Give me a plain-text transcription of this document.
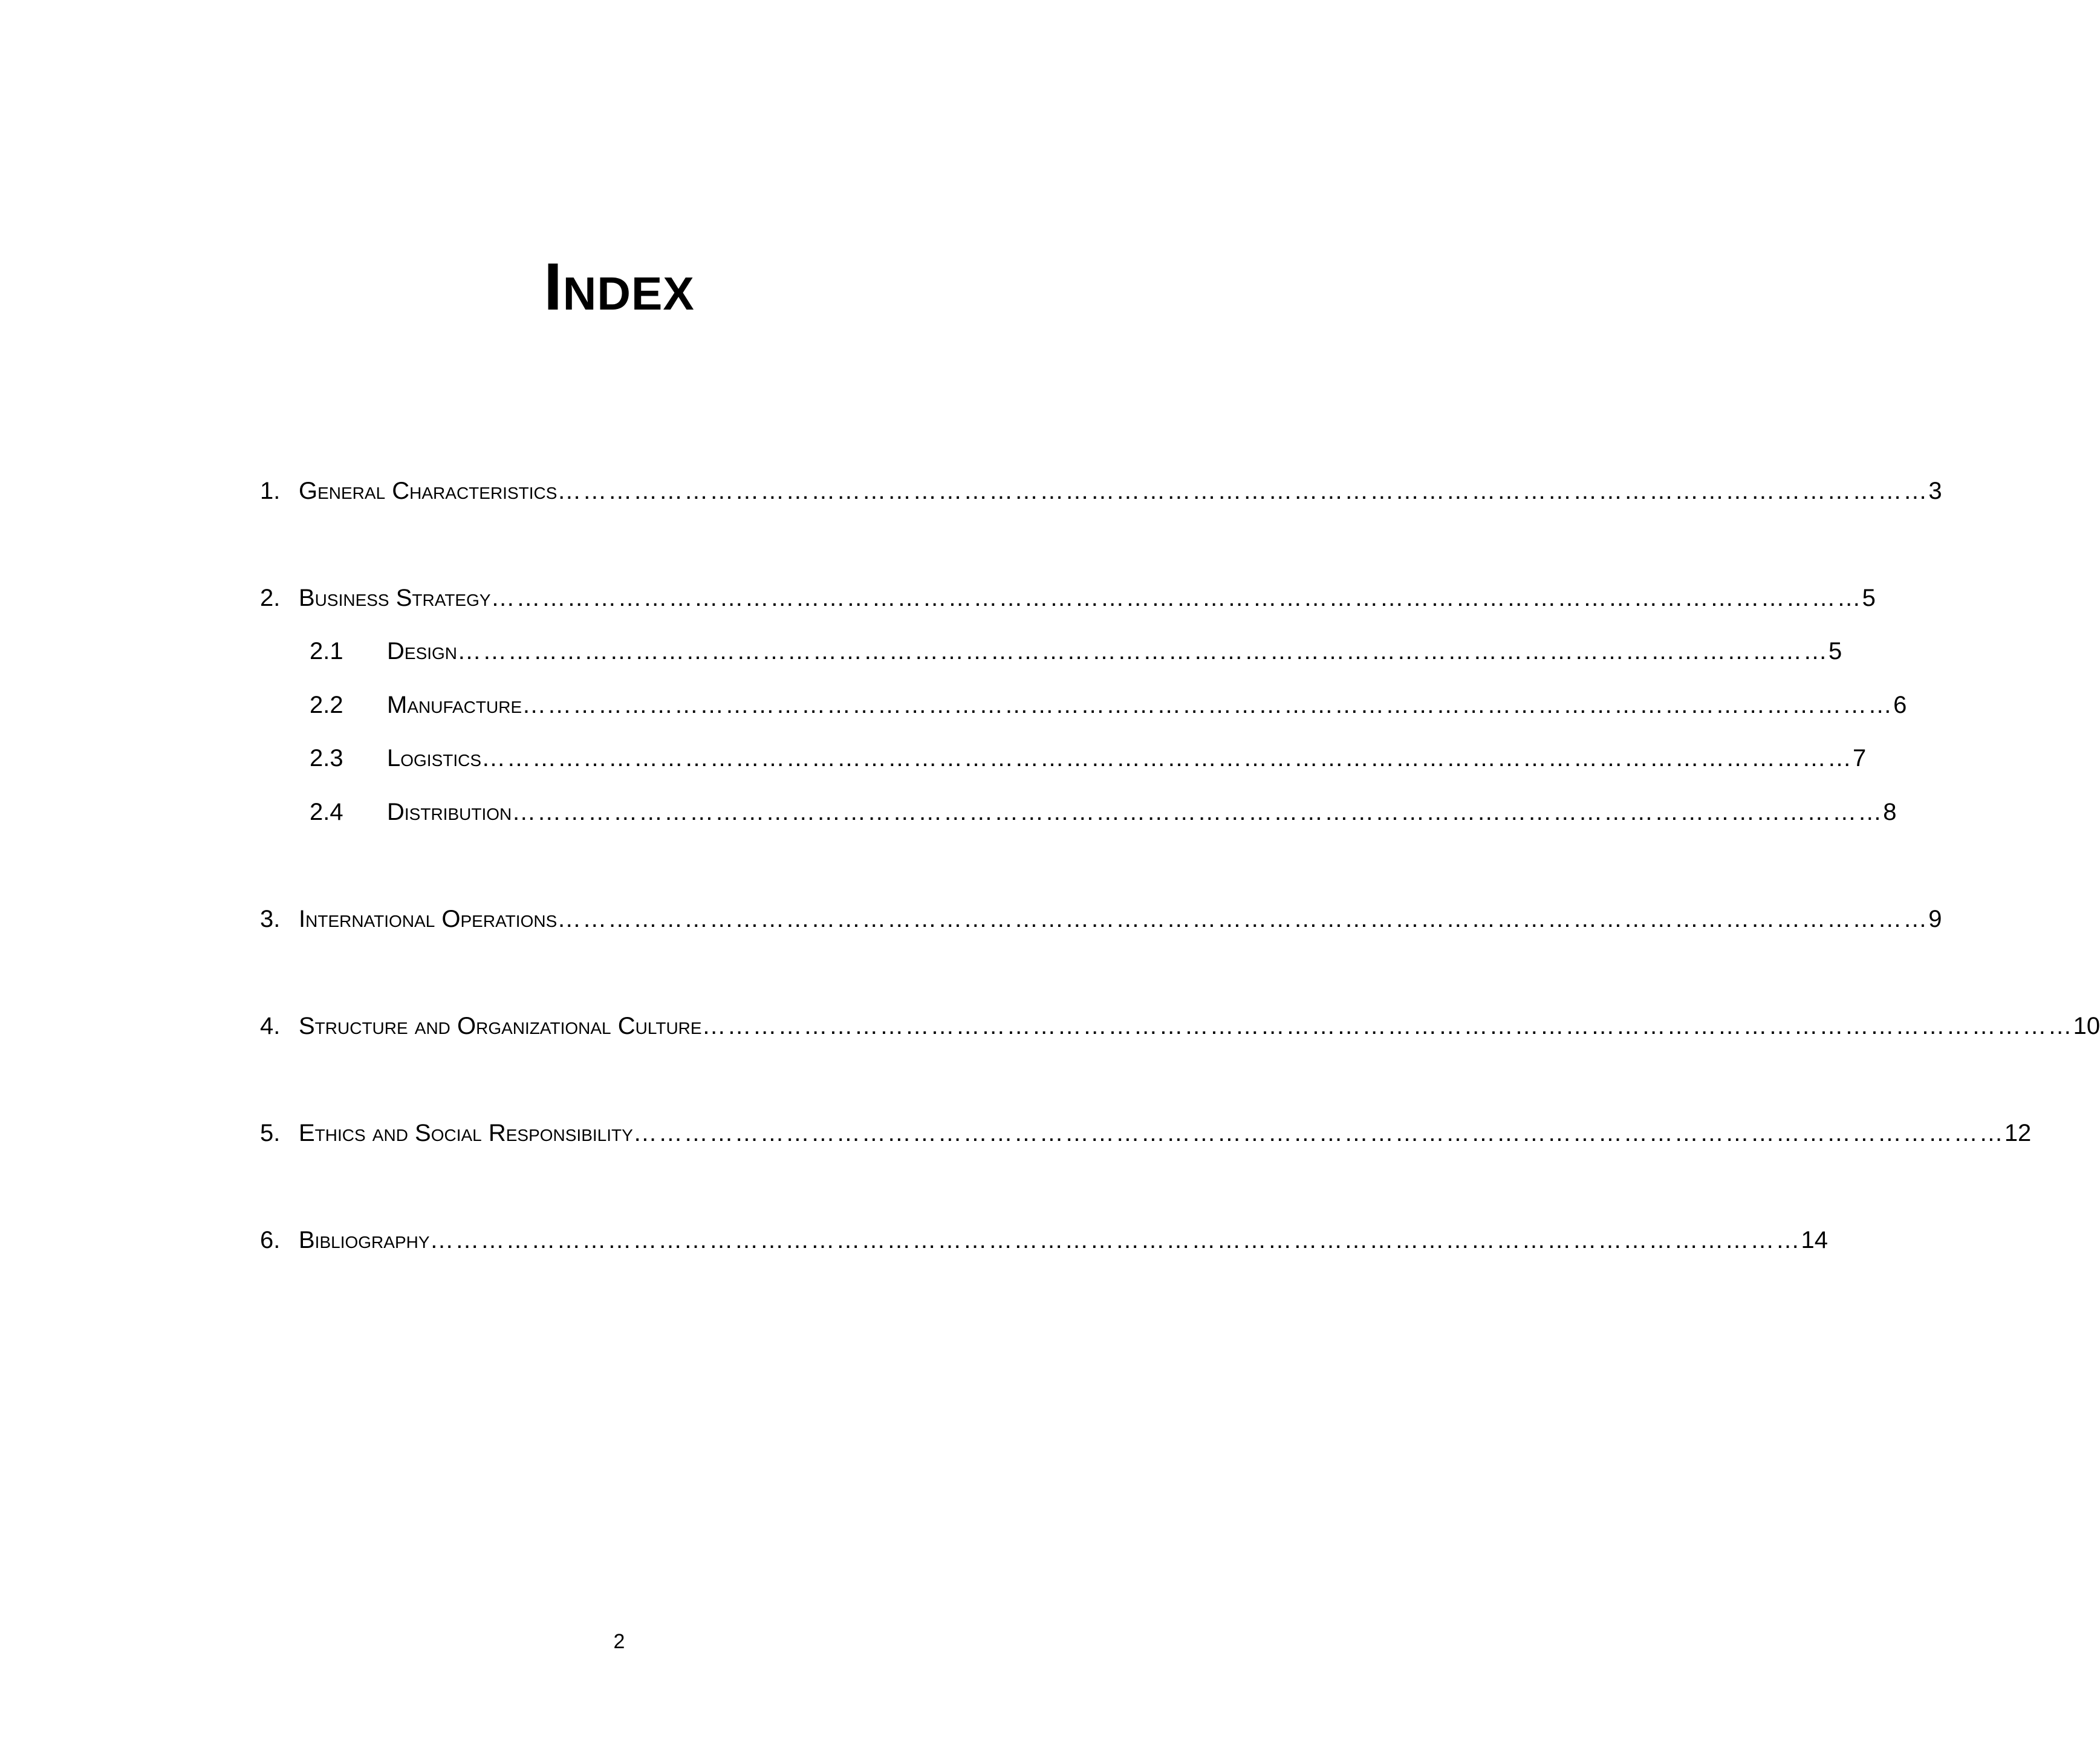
Index
1. General Characteristics ……………………………………………………………………………………………………………………………………………… 3
2. Business Strategy ……………………………………………………………………………………………………………………………………………… 5
2.1	Design ……………………………………………………………………………………………………………………………………………… 5
2.2	Manufacture ……………………………………………………………………………………………………………………………………………… 6
2.3	Logistics ……………………………………………………………………………………………………………………………………………… 7
2.4	Distribution ……………………………………………………………………………………………………………………………………………… 8
3. International Operations ……………………………………………………………………………………………………………………………………………… 9
4. Structure and Organizational Culture ……………………………………………………………………………………………………………………………………………… 10
5. Ethics and Social Responsibility ……………………………………………………………………………………………………………………………………………… 12
6. Bibliography ……………………………………………………………………………………………………………………………………………… 14
2
